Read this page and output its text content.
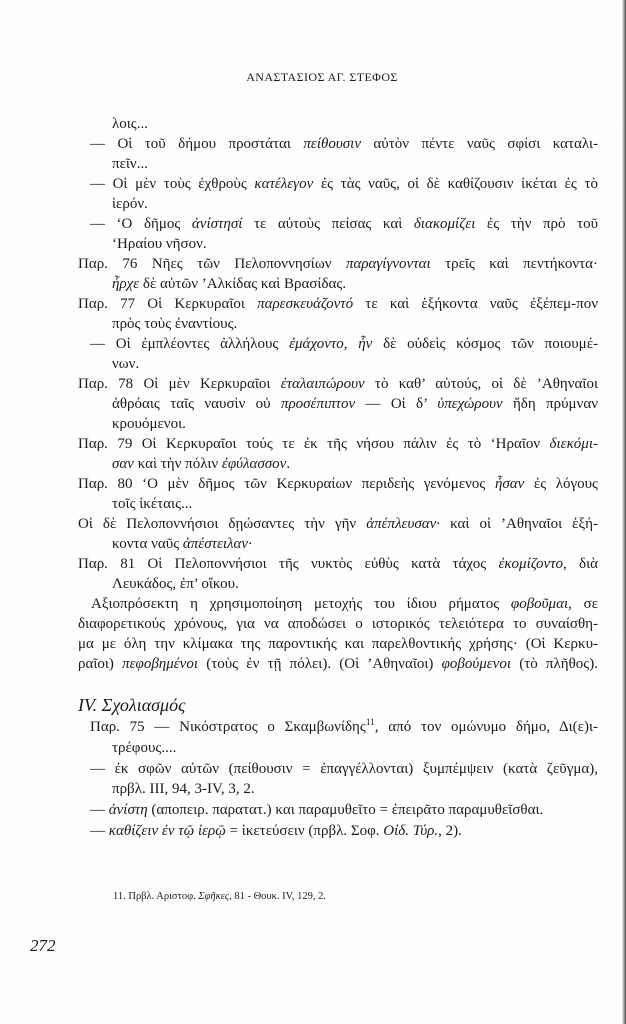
ΑΝΑΣΤΑΣΙΟΣ ΑΓ. ΣΤΕΦΟΣ
λοις...
— Οἱ τοῦ δήμου προστάται πείθουσιν αὐτὸν πέντε ναῦς σφίσι καταλι-
πεῖν...
— Οἱ μὲν τοὺς ἐχθροὺς κατέλεγον ἐς τὰς ναῦς, οἱ δὲ καθίζουσιν ἱκέται ἐς τὸ
ἱερόν.
— ‘Ο δῆμος ἀνίστησί τε αὐτοὺς πείσας καὶ διακομίζει ἐς τὴν πρὸ τοῦ
‘Ηραίου νῆσον.
Παρ. 76 Νῆες τῶν Πελοποννησίων παραγίγνονται τρεῖς καὶ πεντήκοντα·
ἦρχε δὲ αὐτῶν ’Αλκίδας καὶ Βρασίδας.
Παρ. 77 Οἱ Κερκυραῖοι παρεσκευάζοντό τε καὶ ἑξήκοντα ναῦς ἐξέπεμ-πον
πρὸς τοὺς ἐναντίους.
— Οἱ ἐμπλέοντες ἀλλήλους ἐμάχοντο, ἦν δὲ οὐδεὶς κόσμος τῶν ποιουμέ-
νων.
Παρ. 78 Οἱ μὲν Κερκυραῖοι ἐταλαιπώρουν τὸ καθ’ αὑτούς, οἱ δὲ ’Αθηναῖοι
ἀθρόαις ταῖς ναυσὶν οὐ προσέπιπτον — Οἱ δ’ ὑπεχώρουν ἤδη πρύμναν
κρουόμενοι.
Παρ. 79 Οἱ Κερκυραῖοι τούς τε ἐκ τῆς νήσου πάλιν ἐς τὸ ‘Ηραῖον διεκόμι-
σαν καὶ τὴν πόλιν ἐφύλασσον.
Παρ. 80 ‘Ο μὲν δῆμος τῶν Κερκυραίων περιδεὴς γενόμενος ἦσαν ἐς λόγους
τοῖς ἱκέταις...
Οἱ δὲ Πελοποννήσιοι δῃώσαντες τὴν γῆν ἀπέπλευσαν· καὶ οἱ ’Αθηναῖοι ἑξή-
κοντα ναῦς ἀπέστειλαν·
Παρ. 81 Οἱ Πελοποννήσιοι τῆς νυκτὸς εὐθὺς κατὰ τάχος ἐκομίζοντο, διὰ
Λευκάδος, ἐπ’ οἴκου.
Αξιοπρόσεκτη η χρησιμοποίηση μετοχής του ίδιου ρήματος φοβοῦμαι, σε
διαφορετικούς χρόνους, για να αποδώσει ο ιστορικός τελειότερα το συναίσθη-
μα με όλη την κλίμακα της παροντικής και παρελθοντικής χρήσης· (Οἱ Κερκυ-
ραῖοι) πεφοβημένοι (τοὺς ἐν τῇ πόλει). (Οἱ ’Αθηναῖοι) φοβούμενοι (τὸ πλῆθος).
IV. Σχολιασμός
Παρ. 75 — Νικόστρατος ο Σκαμβωνίδης$^{11}$, από τον ομώνυμο δήμο, Δι(ε)ι-
τρέφους....
— ἐκ σφῶν αὐτῶν (πείθουσιν = ἐπαγγέλλονται) ξυμπέμψειν (κατὰ ζεῦγμα),
πρβλ. III, 94, 3-IV, 3, 2.
— ἀνίστη (αποπειρ. παρατατ.) και παραμυθεῖτο = ἐπειρᾶτο παραμυθεῖσθαι.
— καθίζειν ἐν τῷ ἱερῷ = ἱκετεύσειν (πρβλ. Σοφ. Οἰδ. Τύρ., 2).
11. Πρβλ. Αριστοφ. Σφῆκες, 81 - Θουκ. IV, 129, 2.
272
